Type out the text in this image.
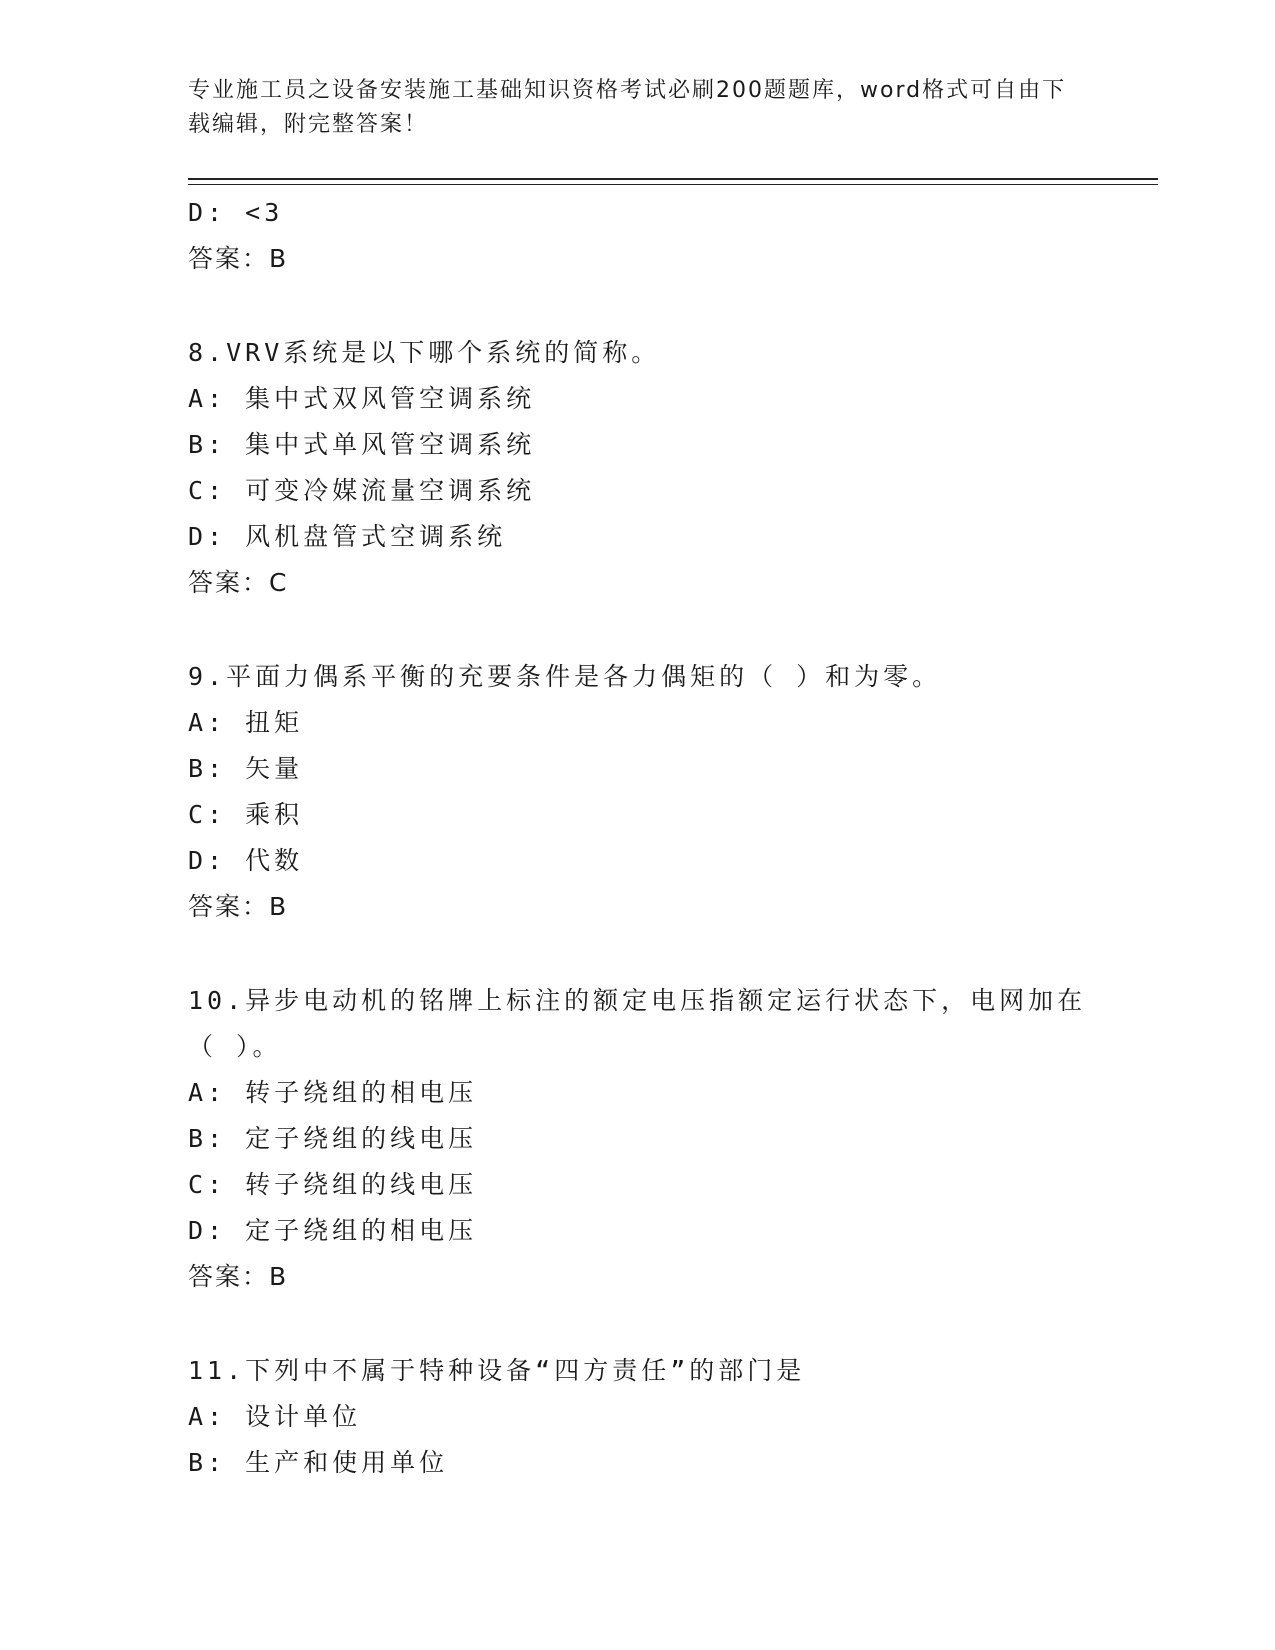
专业施工员之设备安装施工基础知识资格考试必刷200题题库，word格式可自由下载编辑，附完整答案！
D: <3
答案：B
8.VRV系统是以下哪个系统的简称。
A: 集中式双风管空调系统
B: 集中式单风管空调系统
C: 可变冷媒流量空调系统
D: 风机盘管式空调系统
答案：C
9.平面力偶系平衡的充要条件是各力偶矩的（ ）和为零。
A: 扭矩
B: 矢量
C: 乘积
D: 代数
答案：B
10.异步电动机的铭牌上标注的额定电压指额定运行状态下，电网加在
（ ）。
A: 转子绕组的相电压
B: 定子绕组的线电压
C: 转子绕组的线电压
D: 定子绕组的相电压
答案：B
11.下列中不属于特种设备“四方责任”的部门是
A: 设计单位
B: 生产和使用单位
